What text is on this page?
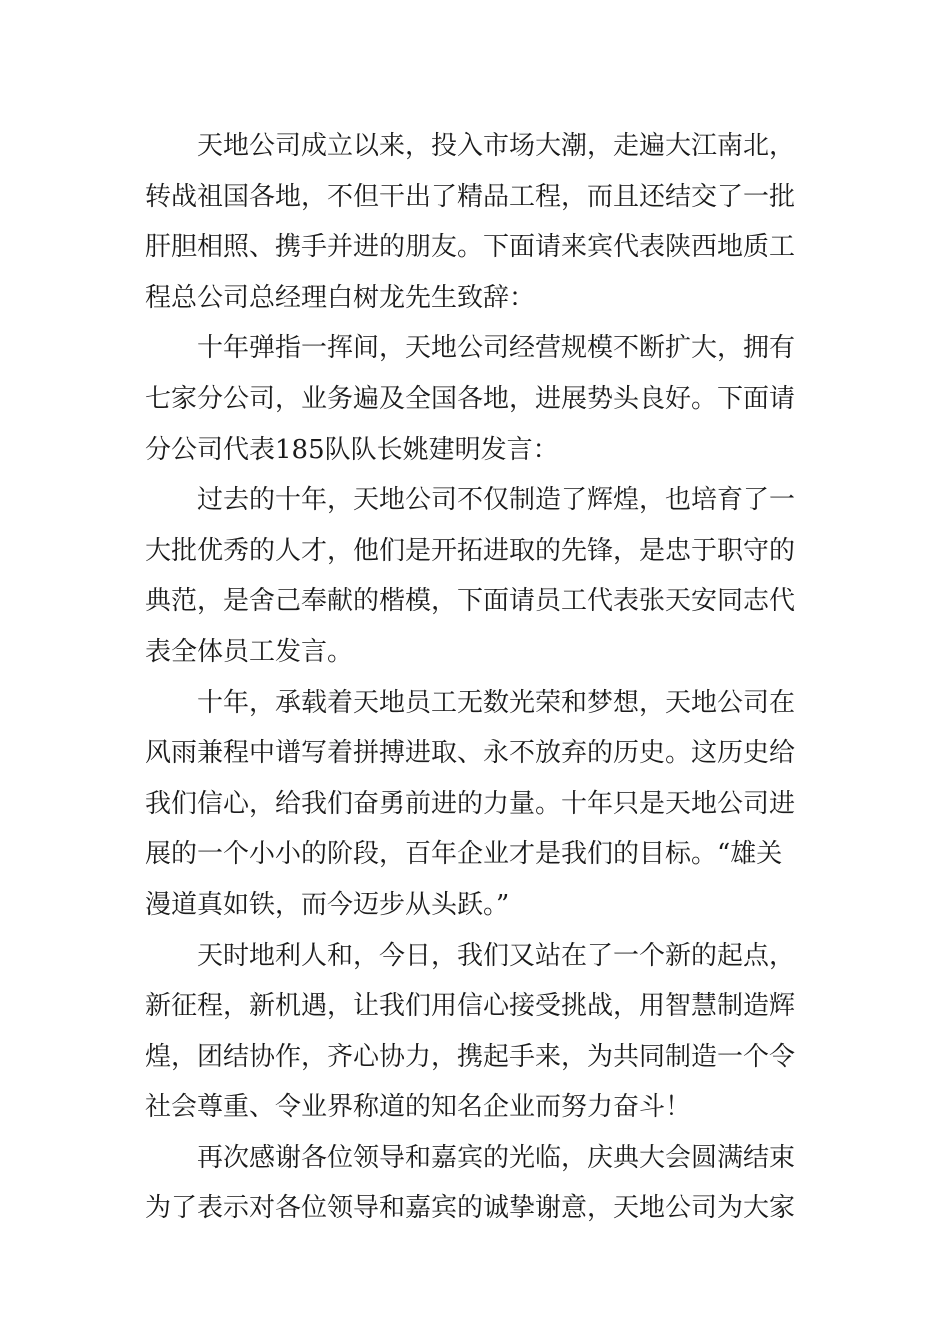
天地公司成立以来，投入市场大潮，走遍大江南北，
转战祖国各地，不但干出了精品工程，而且还结交了一批
肝胆相照、携手并进的朋友。下面请来宾代表陕西地质工
程总公司总经理白树龙先生致辞：

十年弹指一挥间，天地公司经营规模不断扩大，拥有
七家分公司，业务遍及全国各地，进展势头良好。下面请
分公司代表185队队长姚建明发言：

过去的十年，天地公司不仅制造了辉煌，也培育了一
大批优秀的人才，他们是开拓进取的先锋，是忠于职守的
典范，是舍己奉献的楷模，下面请员工代表张天安同志代
表全体员工发言。

十年，承载着天地员工无数光荣和梦想，天地公司在
风雨兼程中谱写着拼搏进取、永不放弃的历史。这历史给
我们信心，给我们奋勇前进的力量。十年只是天地公司进
展的一个小小的阶段，百年企业才是我们的目标。“雄关
漫道真如铁，而今迈步从头跃。”

天时地利人和，今日，我们又站在了一个新的起点，
新征程，新机遇，让我们用信心接受挑战，用智慧制造辉
煌，团结协作，齐心协力，携起手来，为共同制造一个令
社会尊重、令业界称道的知名企业而努力奋斗！

再次感谢各位领导和嘉宾的光临，庆典大会圆满结束
为了表示对各位领导和嘉宾的诚挚谢意，天地公司为大家
